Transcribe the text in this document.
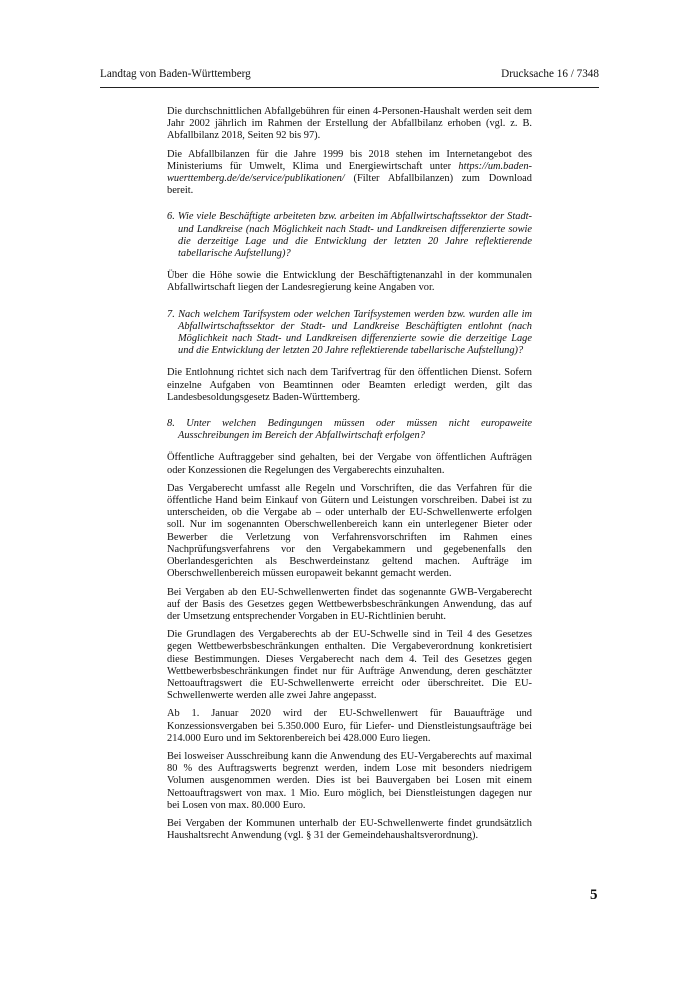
Landtag von Baden-Württemberg	Drucksache 16 / 7348

Die durchschnittlichen Abfallgebühren für einen 4-Personen-Haushalt werden seit dem Jahr 2002 jährlich im Rahmen der Erstellung der Abfallbilanz erhoben (vgl. z. B. Abfallbilanz 2018, Seiten 92 bis 97).

Die Abfallbilanzen für die Jahre 1999 bis 2018 stehen im Internetangebot des Ministeriums für Umwelt, Klima und Energiewirtschaft unter https://um.baden-wuerttemberg.de/de/service/publikationen/ (Filter Abfallbilanzen) zum Download bereit.

6. Wie viele Beschäftigte arbeiteten bzw. arbeiten im Abfallwirtschaftssektor der Stadt- und Landkreise (nach Möglichkeit nach Stadt- und Landkreisen differenzierte sowie die derzeitige Lage und die Entwicklung der letzten 20 Jahre reflektierende tabellarische Aufstellung)?

Über die Höhe sowie die Entwicklung der Beschäftigtenanzahl in der kommunalen Abfallwirtschaft liegen der Landesregierung keine Angaben vor.

7. Nach welchem Tarifsystem oder welchen Tarifsystemen werden bzw. wurden alle im Abfallwirtschaftssektor der Stadt- und Landkreise Beschäftigten entlohnt (nach Möglichkeit nach Stadt- und Landkreisen differenzierte sowie die derzeitige Lage und die Entwicklung der letzten 20 Jahre reflektierende tabellarische Aufstellung)?

Die Entlohnung richtet sich nach dem Tarifvertrag für den öffentlichen Dienst. Sofern einzelne Aufgaben von Beamtinnen oder Beamten erledigt werden, gilt das Landesbesoldungsgesetz Baden-Württemberg.

8. Unter welchen Bedingungen müssen oder müssen nicht europaweite Ausschreibungen im Bereich der Abfallwirtschaft erfolgen?

Öffentliche Auftraggeber sind gehalten, bei der Vergabe von öffentlichen Aufträgen oder Konzessionen die Regelungen des Vergaberechts einzuhalten.

Das Vergaberecht umfasst alle Regeln und Vorschriften, die das Verfahren für die öffentliche Hand beim Einkauf von Gütern und Leistungen vorschreiben. Dabei ist zu unterscheiden, ob die Vergabe ab – oder unterhalb der EU-Schwellenwerte erfolgen soll. Nur im sogenannten Oberschwellenbereich kann ein unterlegener Bieter oder Bewerber die Verletzung von Verfahrensvorschriften im Rahmen eines Nachprüfungsverfahrens vor den Vergabekammern und gegebenenfalls den Oberlandesgerichten als Beschwerdeinstanz geltend machen. Aufträge im Oberschwellenbereich müssen europaweit bekannt gemacht werden.

Bei Vergaben ab den EU-Schwellenwerten findet das sogenannte GWB-Vergaberecht auf der Basis des Gesetzes gegen Wettbewerbsbeschränkungen Anwendung, das auf der Umsetzung entsprechender Vorgaben in EU-Richtlinien beruht.

Die Grundlagen des Vergaberechts ab der EU-Schwelle sind in Teil 4 des Gesetzes gegen Wettbewerbsbeschränkungen enthalten. Die Vergabeverordnung konkretisiert diese Bestimmungen. Dieses Vergaberecht nach dem 4. Teil des Gesetzes gegen Wettbewerbsbeschränkungen findet nur für Aufträge Anwendung, deren geschätzter Nettoauftragswert die EU-Schwellenwerte erreicht oder überschreitet. Die EU-Schwellenwerte werden alle zwei Jahre angepasst.

Ab 1. Januar 2020 wird der EU-Schwellenwert für Bauaufträge und Konzessionsvergaben bei 5.350.000 Euro, für Liefer- und Dienstleistungsaufträge bei 214.000 Euro und im Sektorenbereich bei 428.000 Euro liegen.

Bei losweiser Ausschreibung kann die Anwendung des EU-Vergaberechts auf maximal 80 % des Auftragswerts begrenzt werden, indem Lose mit besonders niedrigem Volumen ausgenommen werden. Dies ist bei Bauvergaben bei Losen mit einem Nettoauftragswert von max. 1 Mio. Euro möglich, bei Dienstleistungen dagegen nur bei Losen von max. 80.000 Euro.

Bei Vergaben der Kommunen unterhalb der EU-Schwellenwerte findet grundsätzlich Haushaltsrecht Anwendung (vgl. § 31 der Gemeindehaushaltsverordnung).

5
